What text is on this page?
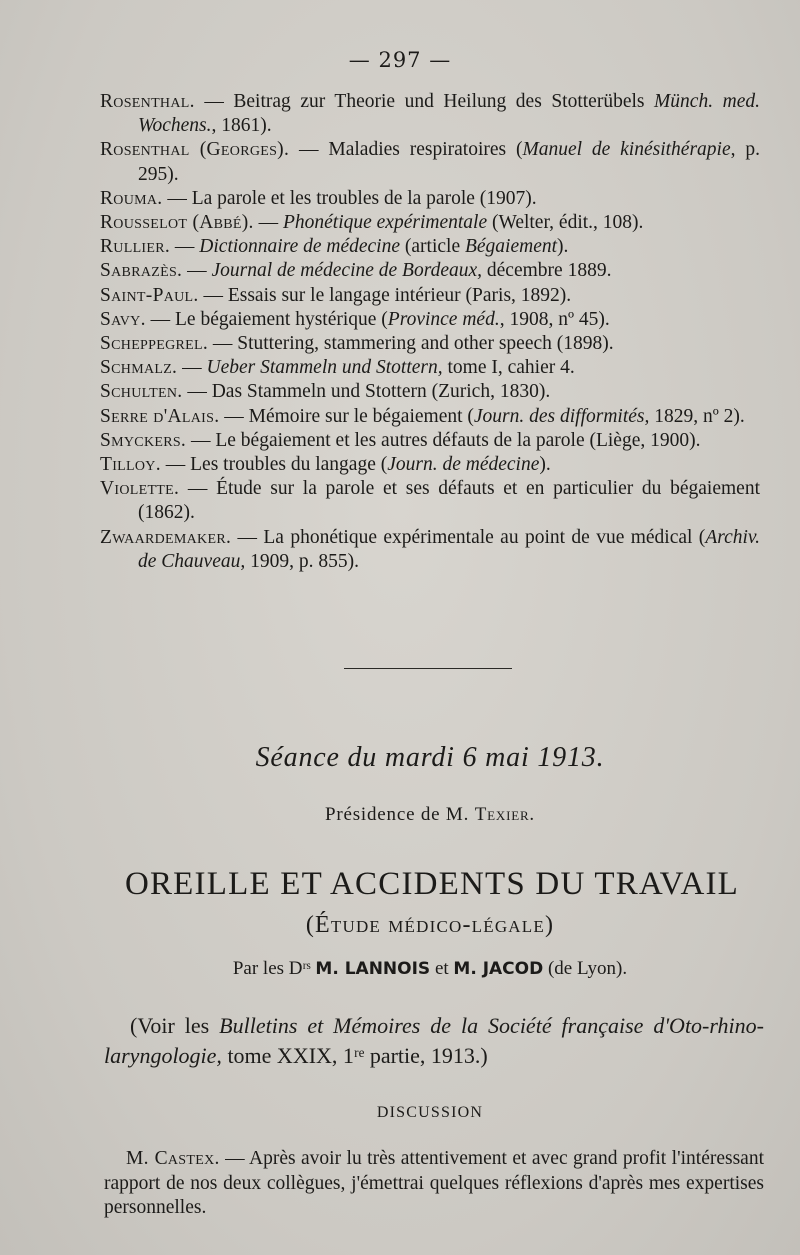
— 297 —
Rosenthal. — Beitrag zur Theorie und Heilung des Stotterübels Münch. med. Wochens., 1861).
Rosenthal (Georges). — Maladies respiratoires (Manuel de kinésithérapie, p. 295).
Rouma. — La parole et les troubles de la parole (1907).
Rousselot (Abbé). — Phonétique expérimentale (Welter, édit., 108).
Rullier. — Dictionnaire de médecine (article Bégaiement).
Sabrazès. — Journal de médecine de Bordeaux, décembre 1889.
Saint-Paul. — Essais sur le langage intérieur (Paris, 1892).
Savy. — Le bégaiement hystérique (Province méd., 1908, nº 45).
Scheppegrel. — Stuttering, stammering and other speech (1898).
Schmalz. — Ueber Stammeln und Stottern, tome I, cahier 4.
Schulten. — Das Stammeln und Stottern (Zurich, 1830).
Serre d'Alais. — Mémoire sur le bégaiement (Journ. des difformités, 1829, nº 2).
Smyckers. — Le bégaiement et les autres défauts de la parole (Liège, 1900).
Tilloy. — Les troubles du langage (Journ. de médecine).
Violette. — Étude sur la parole et ses défauts et en particulier du bégaiement (1862).
Zwaardemaker. — La phonétique expérimentale au point de vue médical (Archiv. de Chauveau, 1909, p. 855).
Séance du mardi 6 mai 1913.
Présidence de M. Texier.
OREILLE ET ACCIDENTS DU TRAVAIL
(Étude médico-légale)
Par les Dʳˢ M. LANNOIS et M. JACOD (de Lyon).
(Voir les Bulletins et Mémoires de la Société française d'Oto-rhino-laryngologie, tome XXIX, 1ʳᵉ partie, 1913.)
DISCUSSION
M. Castex. — Après avoir lu très attentivement et avec grand profit l'intéressant rapport de nos deux collègues, j'émettrai quelques réflexions d'après mes expertises personnelles.
